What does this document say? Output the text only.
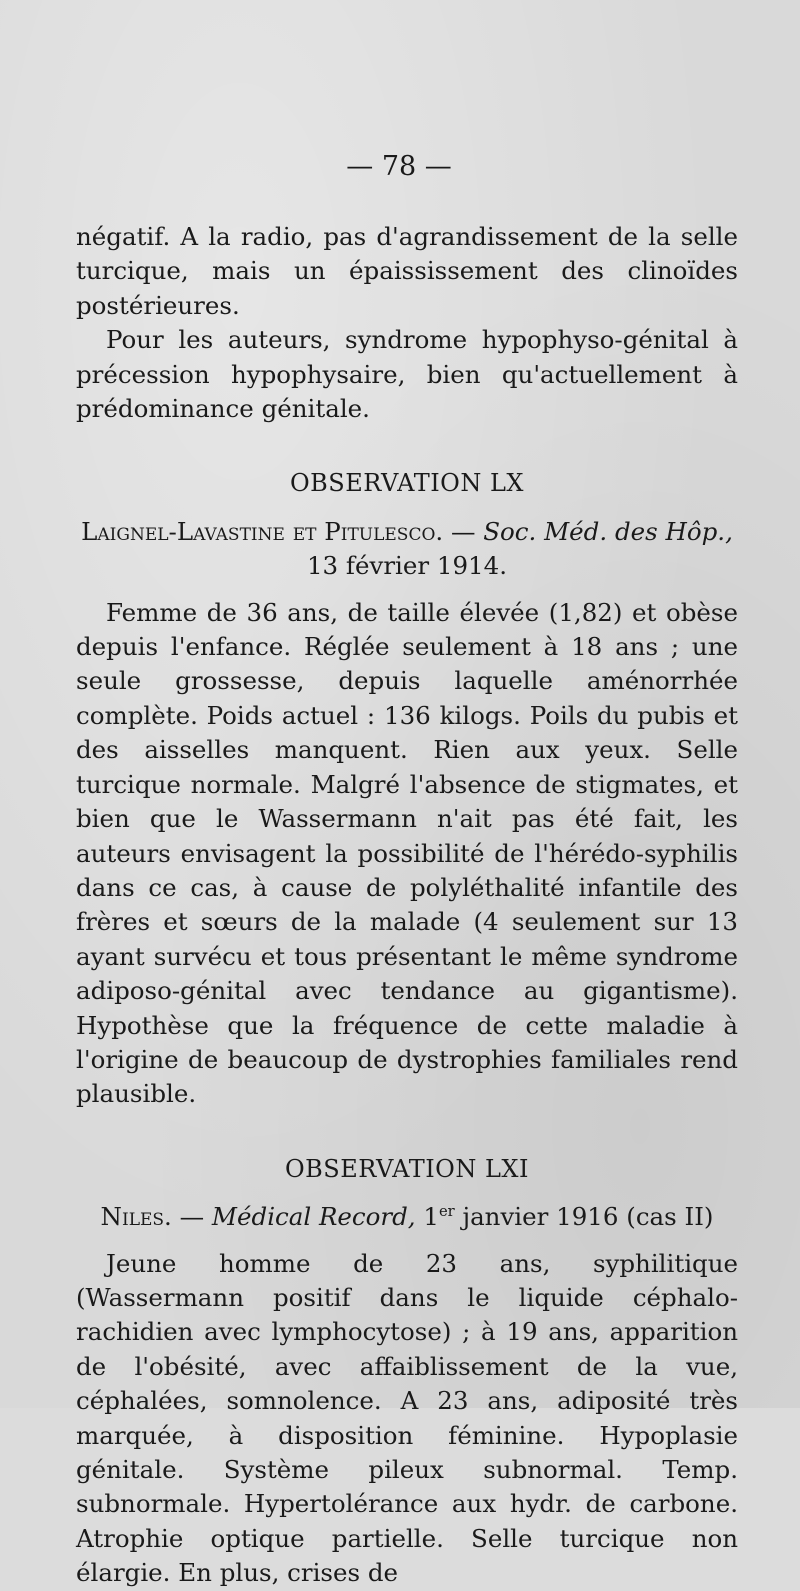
— 78 —

négatif. A la radio, pas d'agrandissement de la selle turcique, mais un épaississement des clinoïdes postérieures.

Pour les auteurs, syndrome hypophyso-génital à précession hypophysaire, bien qu'actuellement à prédominance génitale.

OBSERVATION LX
Laignel-Lavastine et Pitulesco. — Soc. Méd. des Hôp.,
13 février 1914.

Femme de 36 ans, de taille élevée (1,82) et obèse depuis l'enfance. Réglée seulement à 18 ans ; une seule grossesse, depuis laquelle aménorrhée complète. Poids actuel : 136 kilogs. Poils du pubis et des aisselles manquent. Rien aux yeux. Selle turcique normale. Malgré l'absence de stigmates, et bien que le Wassermann n'ait pas été fait, les auteurs envisagent la possibilité de l'hérédo-syphilis dans ce cas, à cause de polyléthalité infantile des frères et sœurs de la malade (4 seulement sur 13 ayant survécu et tous présentant le même syndrome adiposo-génital avec tendance au gigantisme). Hypothèse que la fréquence de cette maladie à l'origine de beaucoup de dystrophies familiales rend plausible.

OBSERVATION LXI
Niles. — Médical Record, 1er janvier 1916 (cas II)

Jeune homme de 23 ans, syphilitique (Wassermann positif dans le liquide céphalo-rachidien avec lymphocytose) ; à 19 ans, apparition de l'obésité, avec affaiblissement de la vue, céphalées, somnolence. A 23 ans, adiposité très marquée, à disposition féminine. Hypoplasie génitale. Système pileux subnormal. Temp. subnormale. Hypertolérance aux hydr. de carbone. Atrophie optique partielle. Selle turcique non élargie. En plus, crises de
